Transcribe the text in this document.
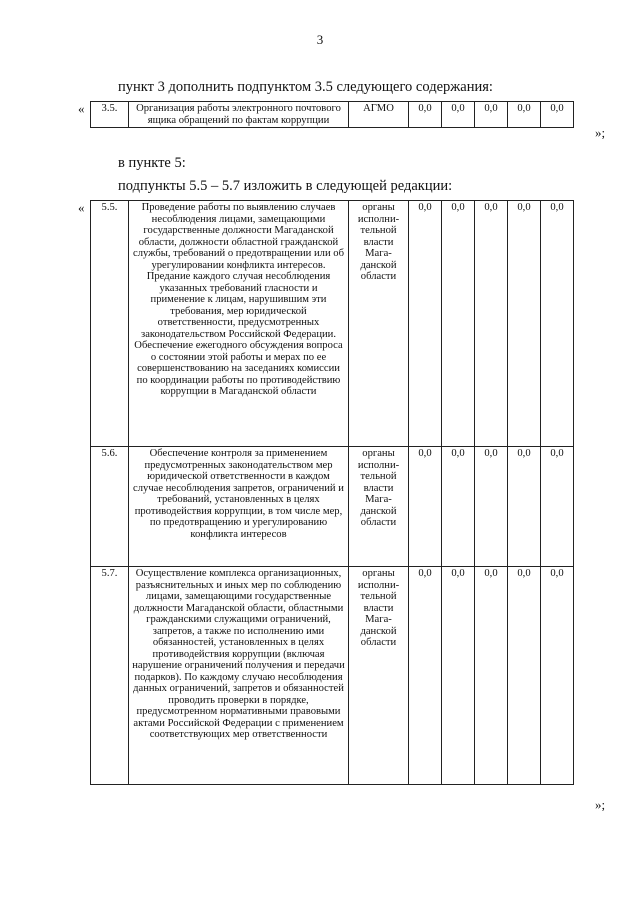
3
пункт 3 дополнить подпунктом 3.5 следующего содержания:
« 3.5.	Организация работы электронного почтового ящика обращений по фактам коррупции	АГМО	0,0	0,0	0,0	0,0	0,0
»;
в пункте 5:
подпункты 5.5 – 5.7 изложить в следующей редакции:
« 5.5.	Проведение работы по выявлению случаев несоблюдения лицами, замещающими государственные должности Магаданской области, должности областной гражданской службы, требований о предотвращении или об урегулировании конфликта интересов. Предание каждого случая несоблюдения указанных требований гласности и применение к лицам, нарушившим эти требования, мер юридической ответственности, предусмотренных законодательством Российской Федерации. Обеспечение ежегодного обсуждения вопроса о состоянии этой работы и мерах по ее совершенствованию на заседаниях комиссии по координации работы по противодействию коррупции в Магаданской области	органы исполни-тельной власти Мага-данской области	0,0	0,0	0,0	0,0	0,0
5.6.	Обеспечение контроля за применением предусмотренных законодательством мер юридической ответственности в каждом случае несоблюдения запретов, ограничений и требований, установленных в целях противодействия коррупции, в том числе мер, по предотвращению и урегулированию конфликта интересов	органы исполни-тельной власти Мага-данской области	0,0	0,0	0,0	0,0	0,0
5.7.	Осуществление комплекса организационных, разъяснительных и иных мер по соблюдению лицами, замещающими государственные должности Магаданской области, областными гражданскими служащими ограничений, запретов, а также по исполнению ими обязанностей, установленных в целях противодействия коррупции (включая нарушение ограничений получения и передачи подарков). По каждому случаю несоблюдения данных ограничений, запретов и обязанностей проводить проверки в порядке, предусмотренном нормативными правовыми актами Российской Федерации с применением соответствующих мер ответственности	органы исполни-тельной власти Мага-данской области	0,0	0,0	0,0	0,0	0,0
»;
